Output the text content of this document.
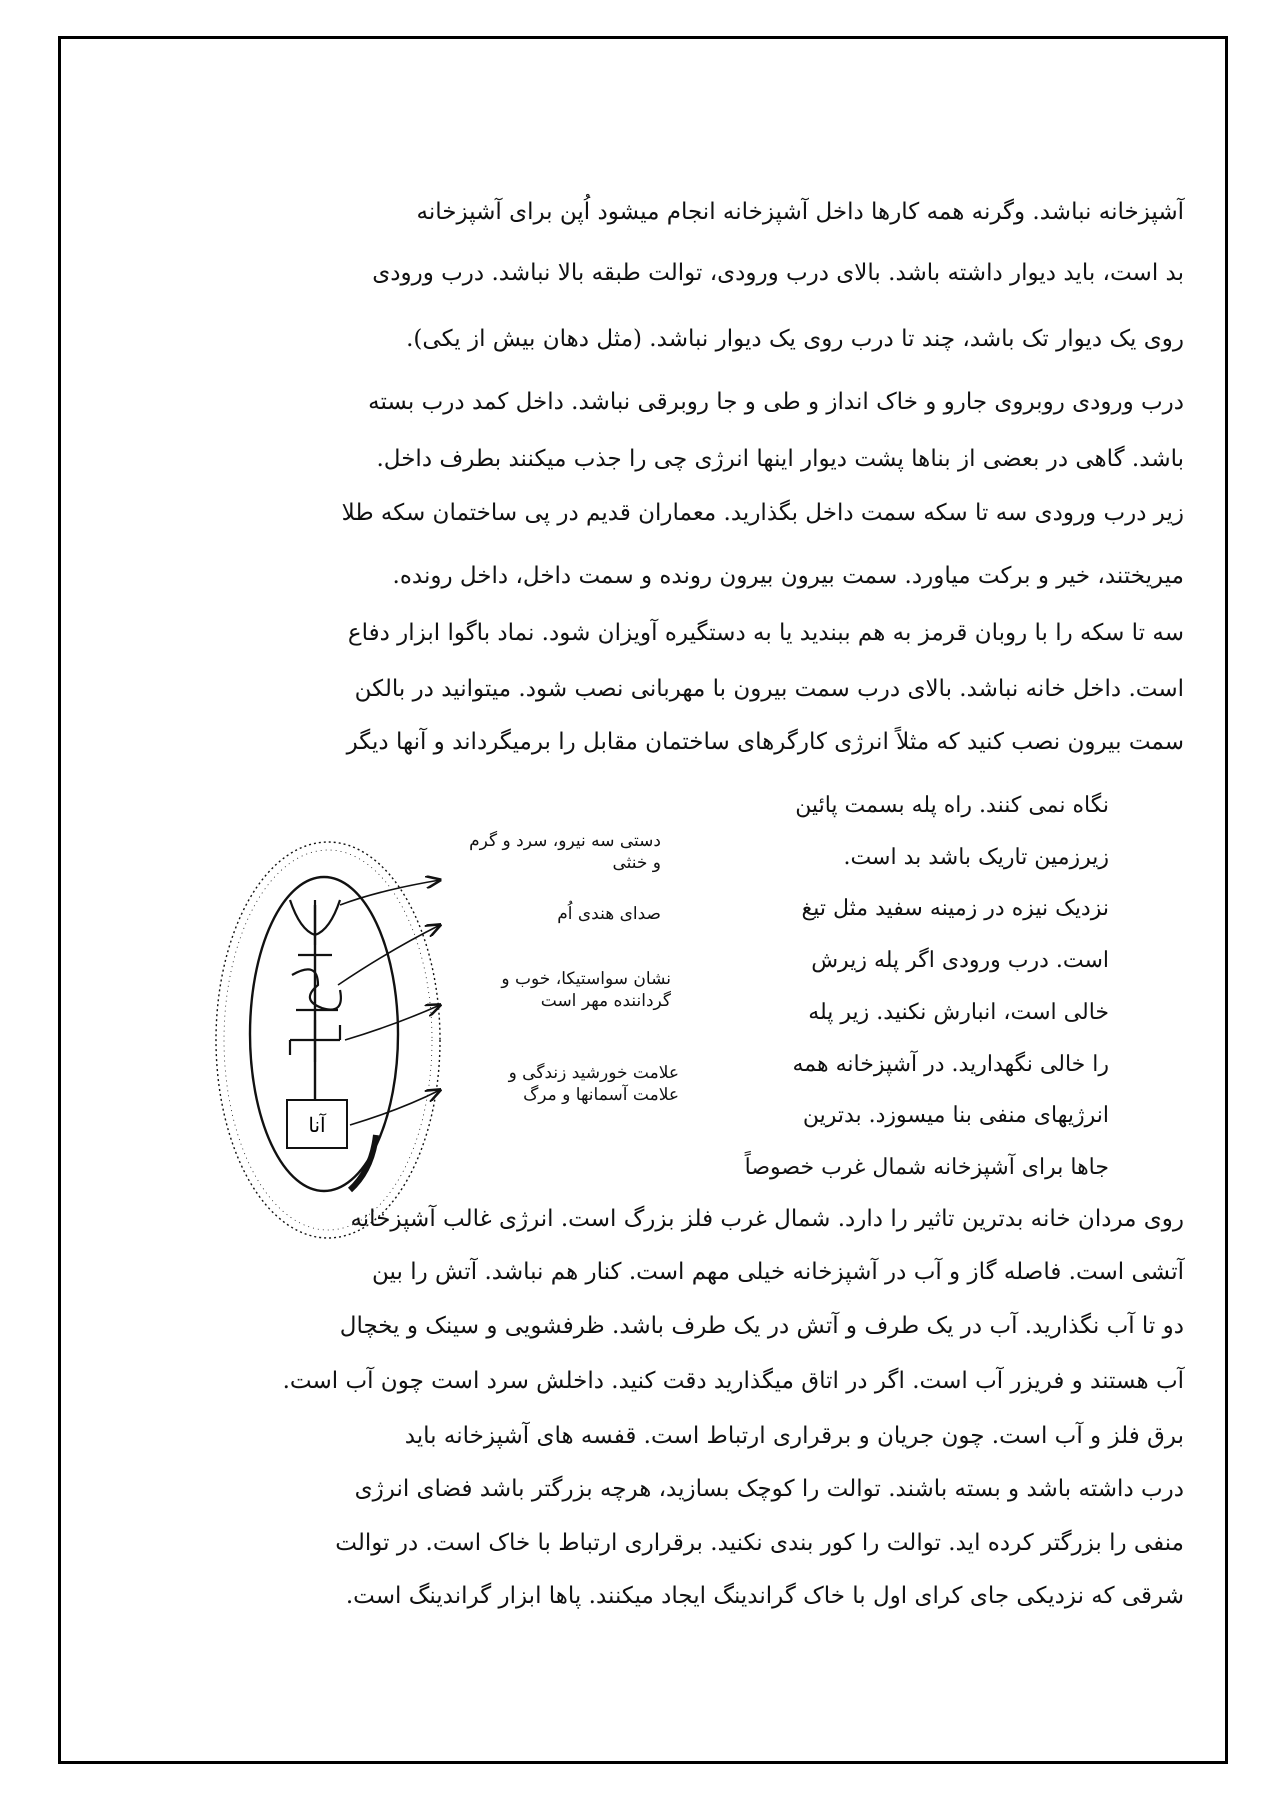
آشپزخانه نباشد. وگرنه همه کارها داخل آشپزخانه انجام میشود اُپن برای آشپزخانه
بد است، باید دیوار داشته باشد. بالای درب ورودی، توالت طبقه بالا نباشد. درب ورودی
روی یک دیوار تک باشد، چند تا درب روی یک دیوار نباشد. (مثل دهان بیش از یکی).
درب ورودی روبروی جارو و خاک انداز و طی و جا روبرقی نباشد. داخل کمد درب بسته
باشد. گاهی در بعضی از بناها پشت دیوار اینها انرژی چی را جذب میکنند بطرف داخل.
زیر درب ورودی سه تا سکه سمت داخل بگذارید. معماران قدیم در پی ساختمان سکه طلا
میریختند، خیر و برکت میاورد. سمت بیرون بیرون رونده و سمت داخل، داخل رونده.
سه تا سکه را با روبان قرمز به هم ببندید یا به دستگیره آویزان شود. نماد باگوا ابزار دفاع
است. داخل خانه نباشد. بالای درب سمت بیرون با مهربانی نصب شود. میتوانید در بالکن
سمت بیرون نصب کنید که مثلاً انرژی کارگرهای ساختمان مقابل را برمیگرداند و آنها دیگر
نگاه نمی کنند. راه پله بسمت پائین
زیرزمین تاریک باشد بد است.
نزدیک نیزه در زمینه سفید مثل تیغ
است. درب ورودی اگر پله زیرش
خالی است، انبارش نکنید. زیر پله
را خالی نگهدارید. در آشپزخانه همه
انرژیهای منفی بنا میسوزد. بدترین
جاها برای آشپزخانه شمال غرب خصوصاً
آنا
دستی سه نیرو، سرد و گرم و خنثی
صدای هندی اُم
نشان سواستیکا، خوب و گرداننده مهر است
علامت خورشید زندگی و علامت آسمانها و مرگ
روی مردان خانه بدترین تاثیر را دارد. شمال غرب فلز بزرگ است. انرژی غالب آشپزخانه
آتشی است. فاصله گاز و آب در آشپزخانه خیلی مهم است. کنار هم نباشد. آتش را بین
دو تا آب نگذارید. آب در یک طرف و آتش در یک طرف باشد. ظرفشویی و سینک و یخچال
آب هستند و فریزر آب است. اگر در اتاق میگذارید دقت کنید. داخلش سرد است چون آب است.
برق فلز و آب است. چون جریان و برقراری ارتباط است. قفسه های آشپزخانه باید
درب داشته باشد و بسته باشند. توالت را کوچک بسازید، هرچه بزرگتر باشد فضای انرژی
منفی را بزرگتر کرده اید. توالت را کور بندی نکنید. برقراری ارتباط با خاک است. در توالت
شرقی که نزدیکی جای کرای اول با خاک گراندینگ ایجاد میکنند. پاها ابزار گراندینگ است.
